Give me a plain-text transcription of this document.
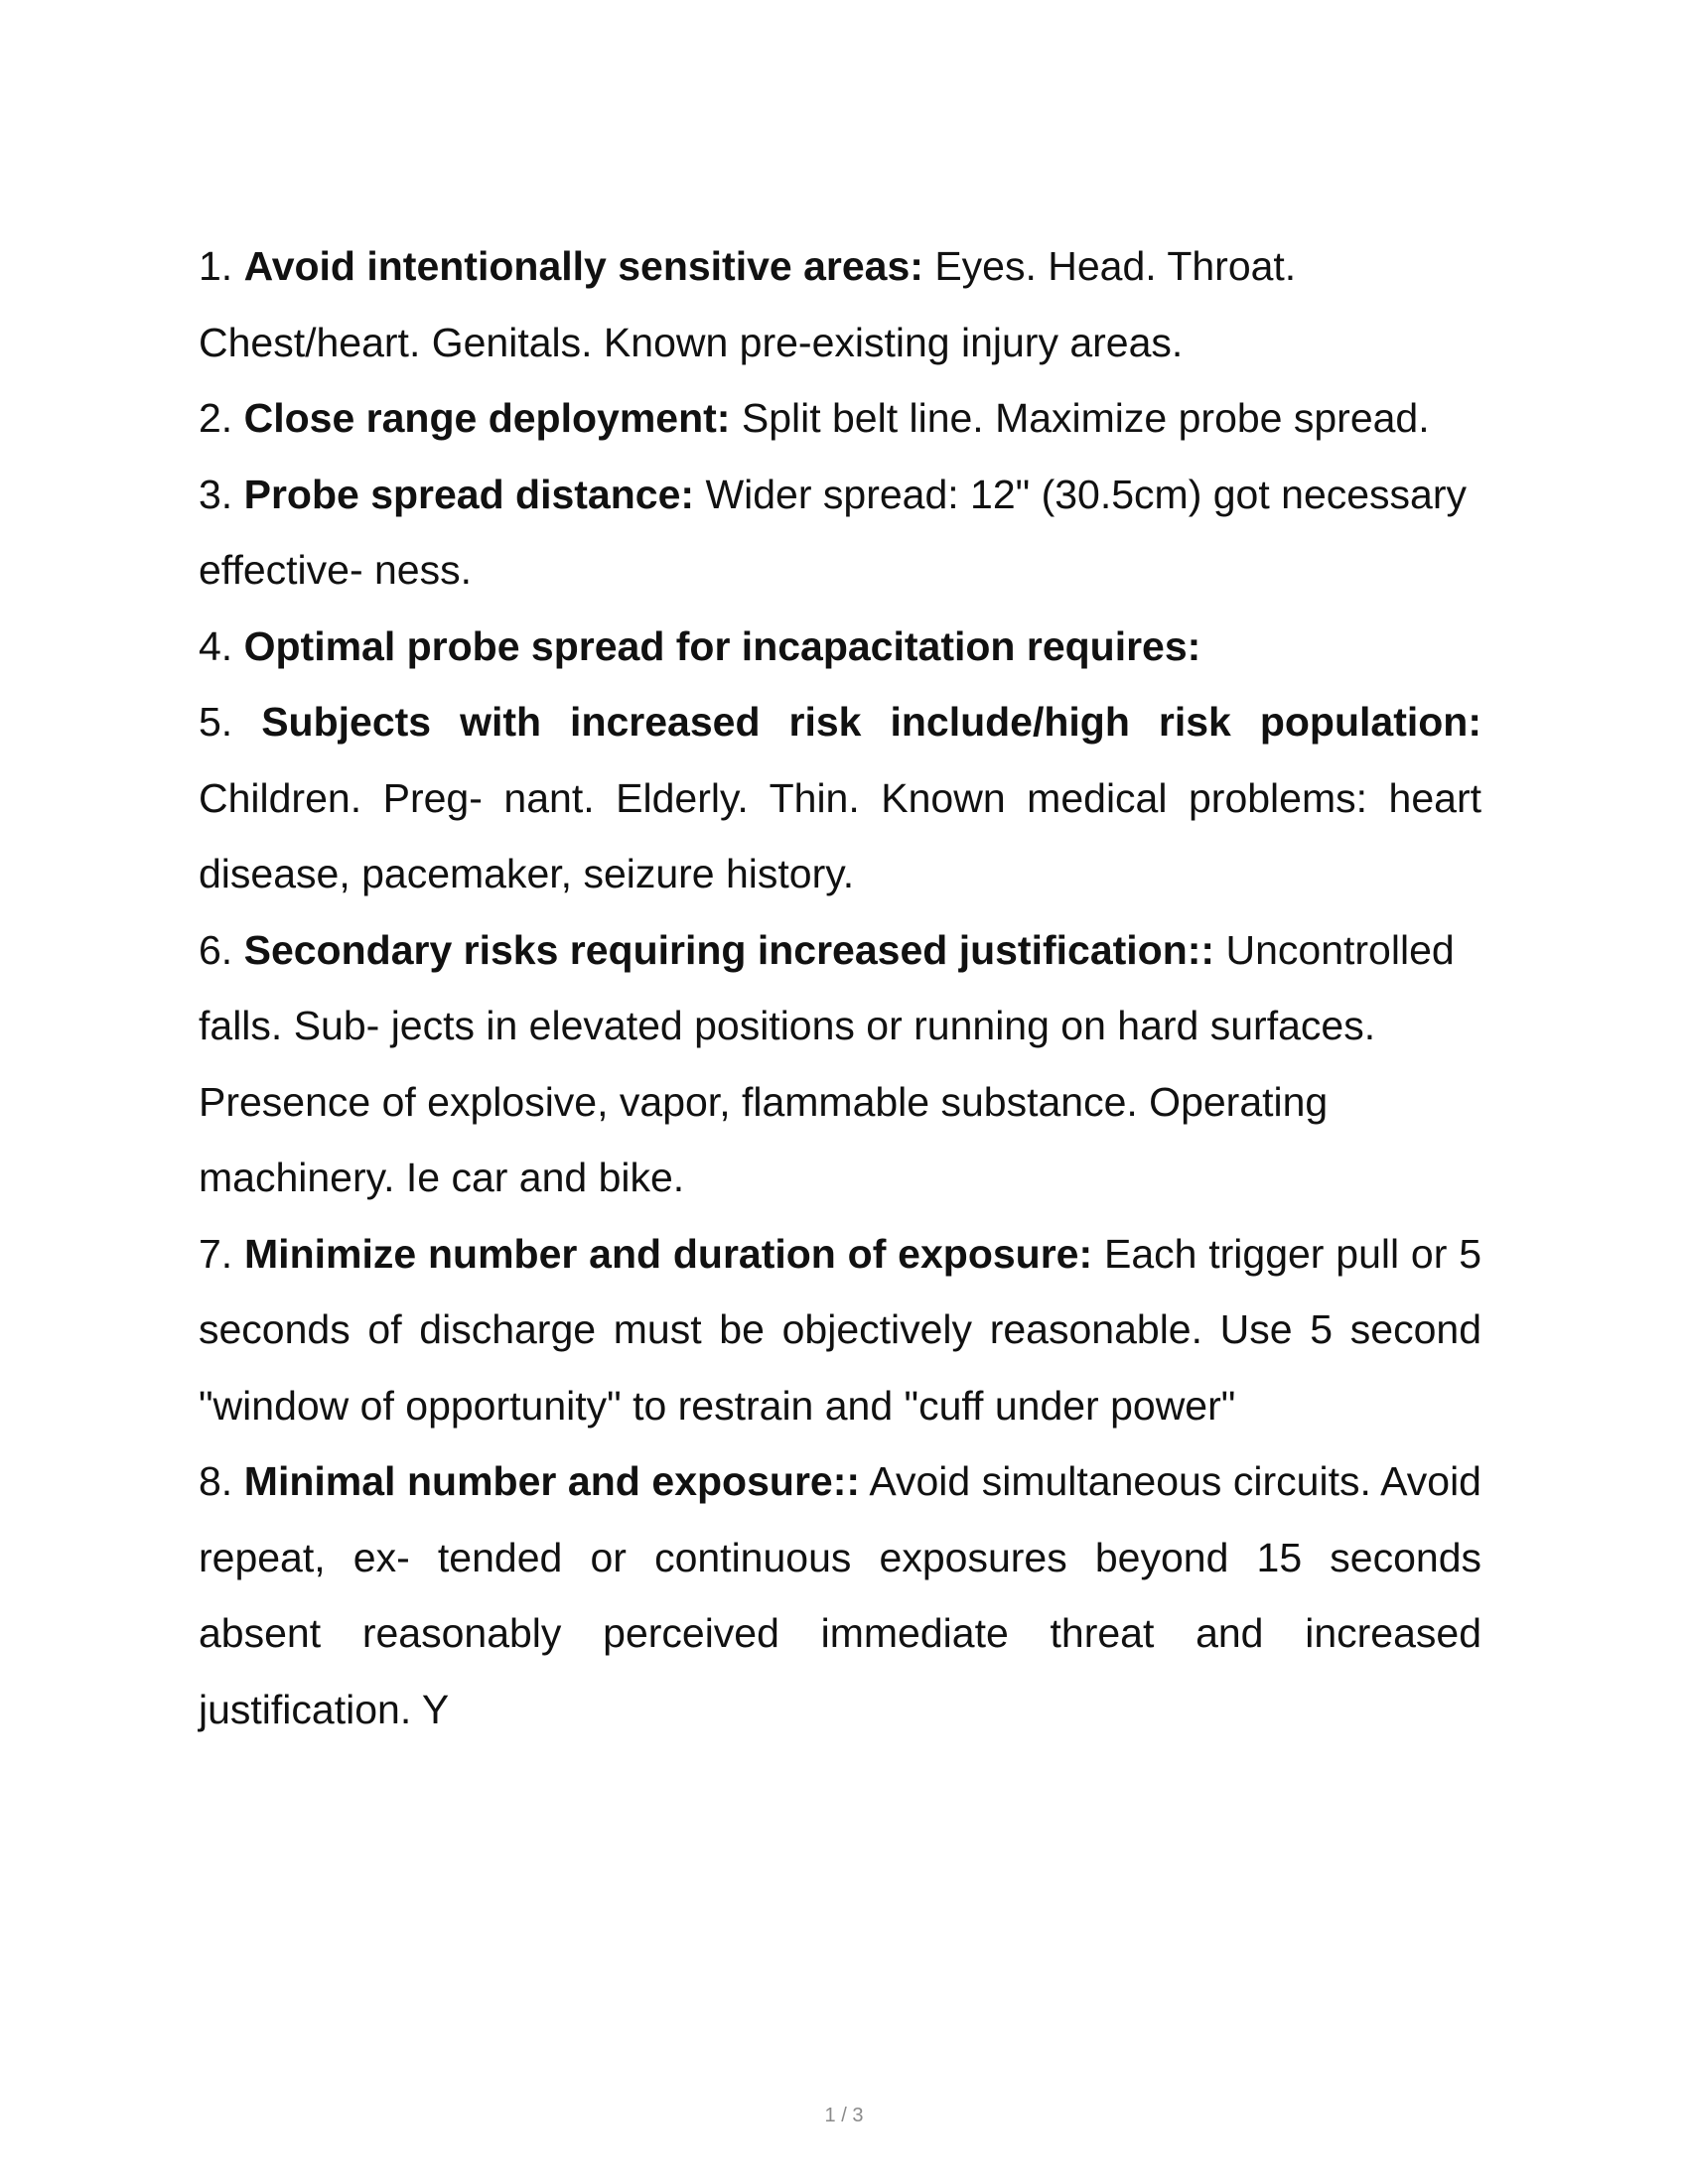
1. Avoid intentionally sensitive areas: Eyes. Head. Throat. Chest/heart. Genitals. Known pre-existing injury areas.

2. Close range deployment: Split belt line. Maximize probe spread.

3. Probe spread distance: Wider spread: 12" (30.5cm) got necessary effective- ness.

4. Optimal probe spread for incapacitation requires:

5. Subjects with increased risk include/high risk population: Children. Preg- nant. Elderly. Thin. Known medical problems: heart disease, pacemaker, seizure history.

6. Secondary risks requiring increased justification:: Uncontrolled falls. Sub- jects in elevated positions or running on hard surfaces. Presence of explosive, vapor, flammable substance. Operating machinery. Ie car and bike.

7. Minimize number and duration of exposure: Each trigger pull or 5 seconds of discharge must be objectively reasonable. Use 5 second "window of opportunity" to restrain and "cuff under power"

8. Minimal number and exposure:: Avoid simultaneous circuits. Avoid repeat, ex- tended or continuous exposures beyond 15 seconds absent reasonably perceived immediate threat and increased justification. Y

1 / 3
